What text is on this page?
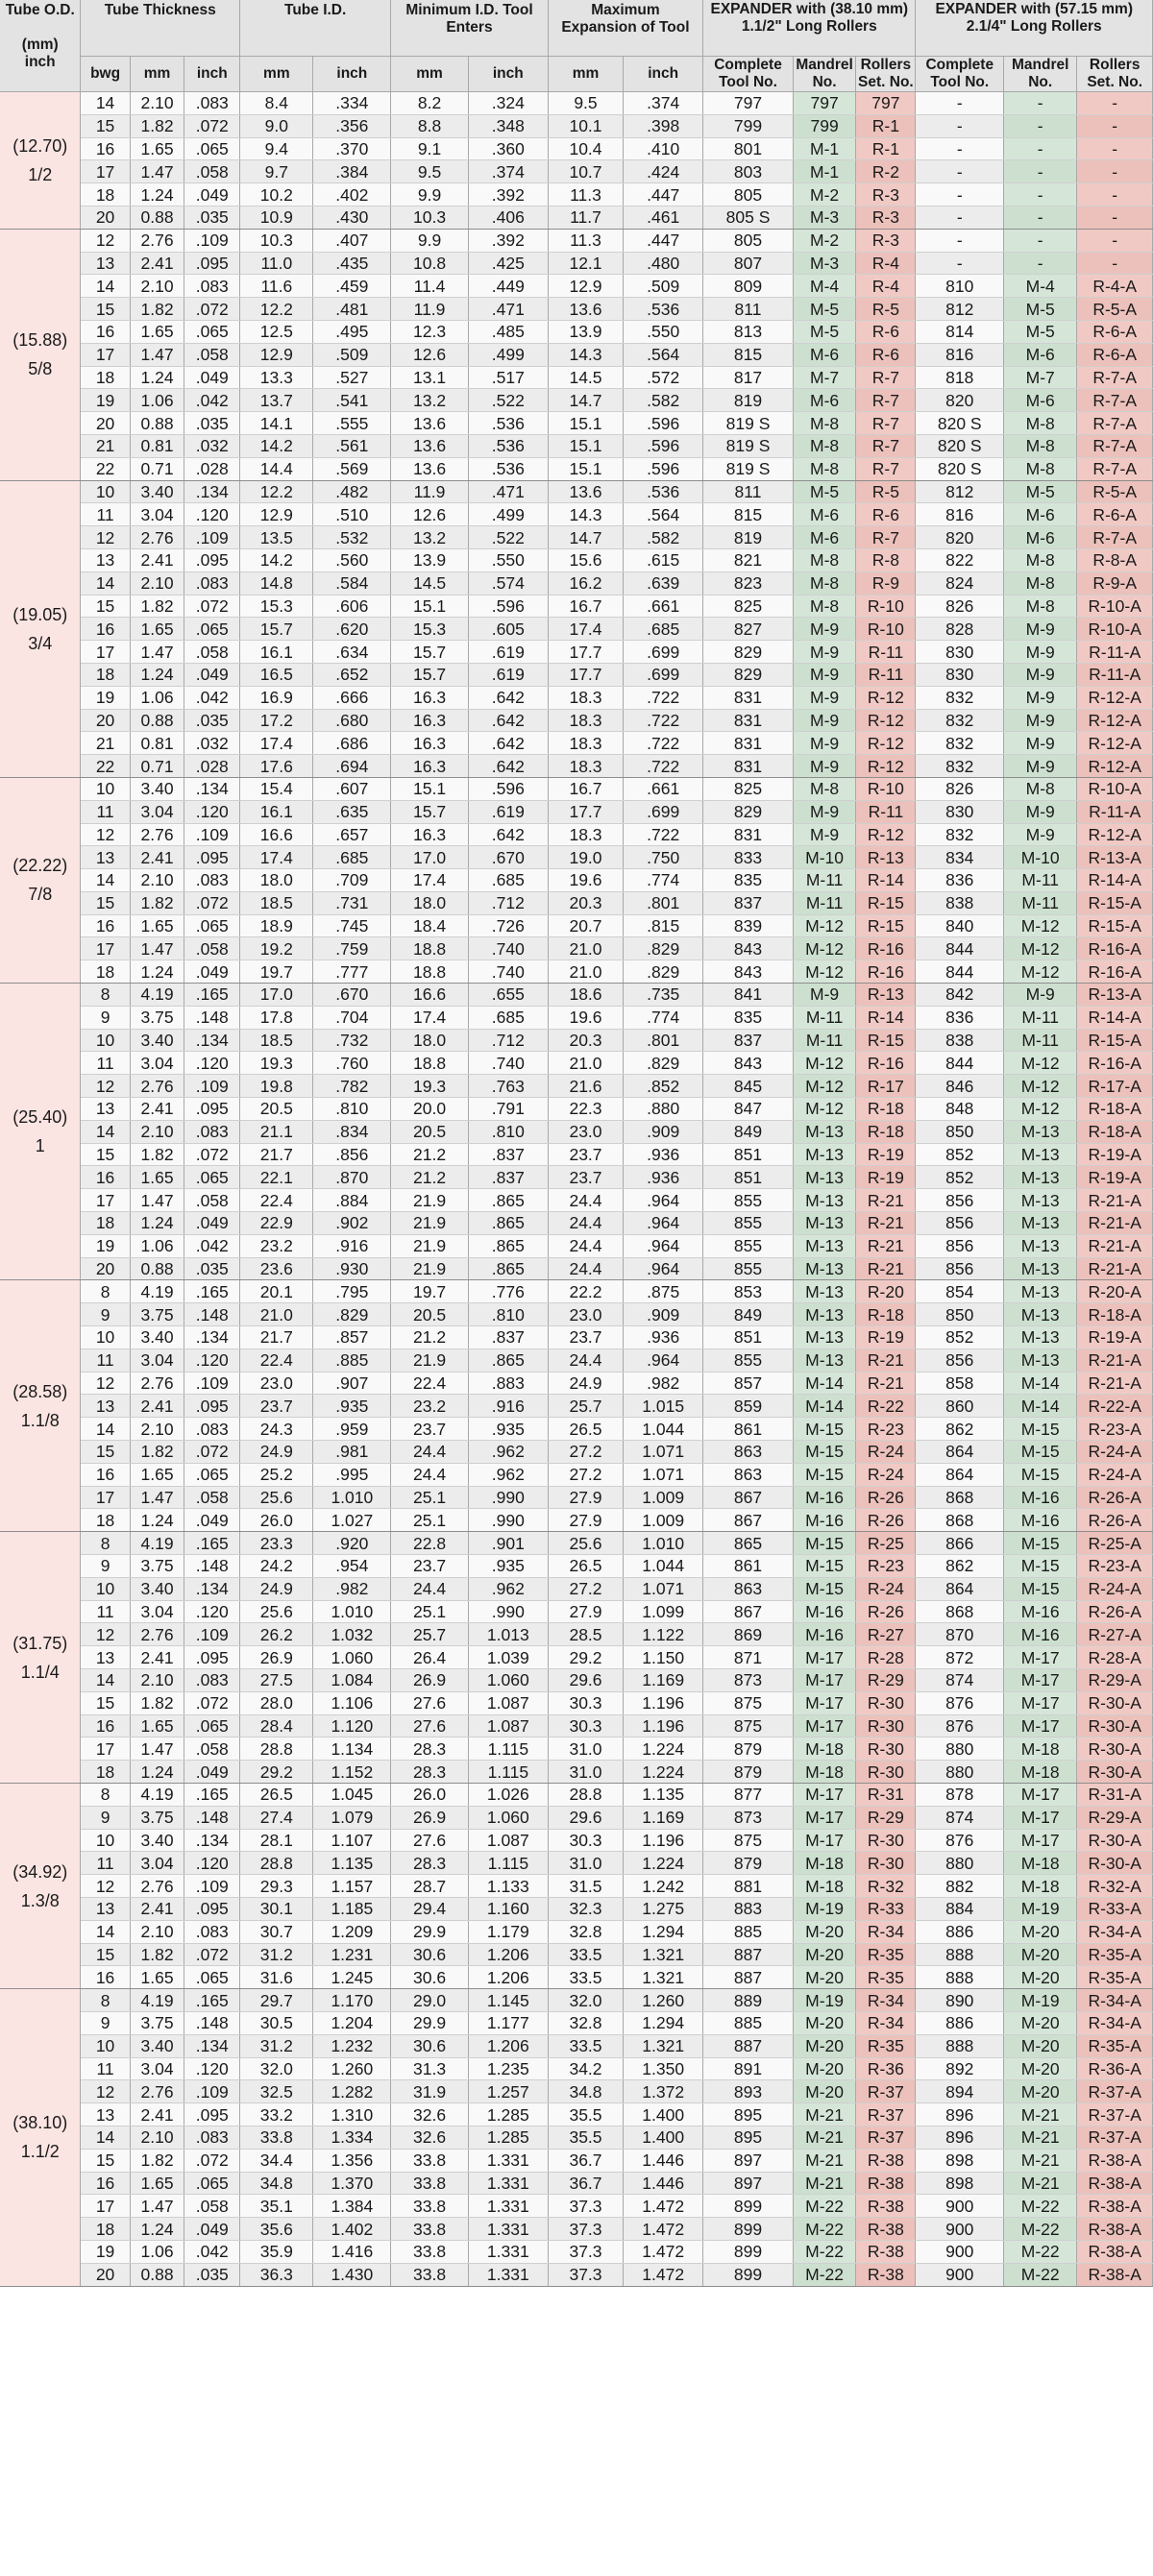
Tube O.D.

(mm)
inch	Tube Thickness			Tube I.D.		Minimum I.D. Tool Enters		Maximum Expansion of Tool		EXPANDER with (38.10 mm) 1.1/2" Long Rollers			EXPANDER with (57.15 mm) 2.1/4" Long Rollers		
	bwg	mm	inch	mm	inch	mm	inch	mm	inch	Complete Tool No.	Mandrel No.	Rollers Set. No.	Complete Tool No.	Mandrel No.	Rollers Set. No.

(12.70)
1/2	14	2.10	.083	8.4	.334	8.2	.324	9.5	.374	797	797	797	-	-	-
	15	1.82	.072	9.0	.356	8.8	.348	10.1	.398	799	799	R-1	-	-	-
	16	1.65	.065	9.4	.370	9.1	.360	10.4	.410	801	M-1	R-1	-	-	-
	17	1.47	.058	9.7	.384	9.5	.374	10.7	.424	803	M-1	R-2	-	-	-
	18	1.24	.049	10.2	.402	9.9	.392	11.3	.447	805	M-2	R-3	-	-	-
	20	0.88	.035	10.9	.430	10.3	.406	11.7	.461	805 S	M-3	R-3	-	-	-

(15.88)
5/8	12	2.76	.109	10.3	.407	9.9	.392	11.3	.447	805	M-2	R-3	-	-	-
	13	2.41	.095	11.0	.435	10.8	.425	12.1	.480	807	M-3	R-4	-	-	-
	14	2.10	.083	11.6	.459	11.4	.449	12.9	.509	809	M-4	R-4	810	M-4	R-4-A
	15	1.82	.072	12.2	.481	11.9	.471	13.6	.536	811	M-5	R-5	812	M-5	R-5-A
	16	1.65	.065	12.5	.495	12.3	.485	13.9	.550	813	M-5	R-6	814	M-5	R-6-A
	17	1.47	.058	12.9	.509	12.6	.499	14.3	.564	815	M-6	R-6	816	M-6	R-6-A
	18	1.24	.049	13.3	.527	13.1	.517	14.5	.572	817	M-7	R-7	818	M-7	R-7-A
	19	1.06	.042	13.7	.541	13.2	.522	14.7	.582	819	M-6	R-7	820	M-6	R-7-A
	20	0.88	.035	14.1	.555	13.6	.536	15.1	.596	819 S	M-8	R-7	820 S	M-8	R-7-A
	21	0.81	.032	14.2	.561	13.6	.536	15.1	.596	819 S	M-8	R-7	820 S	M-8	R-7-A
	22	0.71	.028	14.4	.569	13.6	.536	15.1	.596	819 S	M-8	R-7	820 S	M-8	R-7-A

(19.05)
3/4	10	3.40	.134	12.2	.482	11.9	.471	13.6	.536	811	M-5	R-5	812	M-5	R-5-A
	11	3.04	.120	12.9	.510	12.6	.499	14.3	.564	815	M-6	R-6	816	M-6	R-6-A
	12	2.76	.109	13.5	.532	13.2	.522	14.7	.582	819	M-6	R-7	820	M-6	R-7-A
	13	2.41	.095	14.2	.560	13.9	.550	15.6	.615	821	M-8	R-8	822	M-8	R-8-A
	14	2.10	.083	14.8	.584	14.5	.574	16.2	.639	823	M-8	R-9	824	M-8	R-9-A
	15	1.82	.072	15.3	.606	15.1	.596	16.7	.661	825	M-8	R-10	826	M-8	R-10-A
	16	1.65	.065	15.7	.620	15.3	.605	17.4	.685	827	M-9	R-10	828	M-9	R-10-A
	17	1.47	.058	16.1	.634	15.7	.619	17.7	.699	829	M-9	R-11	830	M-9	R-11-A
	18	1.24	.049	16.5	.652	15.7	.619	17.7	.699	829	M-9	R-11	830	M-9	R-11-A
	19	1.06	.042	16.9	.666	16.3	.642	18.3	.722	831	M-9	R-12	832	M-9	R-12-A
	20	0.88	.035	17.2	.680	16.3	.642	18.3	.722	831	M-9	R-12	832	M-9	R-12-A
	21	0.81	.032	17.4	.686	16.3	.642	18.3	.722	831	M-9	R-12	832	M-9	R-12-A
	22	0.71	.028	17.6	.694	16.3	.642	18.3	.722	831	M-9	R-12	832	M-9	R-12-A

(22.22)
7/8	10	3.40	.134	15.4	.607	15.1	.596	16.7	.661	825	M-8	R-10	826	M-8	R-10-A
	11	3.04	.120	16.1	.635	15.7	.619	17.7	.699	829	M-9	R-11	830	M-9	R-11-A
	12	2.76	.109	16.6	.657	16.3	.642	18.3	.722	831	M-9	R-12	832	M-9	R-12-A
	13	2.41	.095	17.4	.685	17.0	.670	19.0	.750	833	M-10	R-13	834	M-10	R-13-A
	14	2.10	.083	18.0	.709	17.4	.685	19.6	.774	835	M-11	R-14	836	M-11	R-14-A
	15	1.82	.072	18.5	.731	18.0	.712	20.3	.801	837	M-11	R-15	838	M-11	R-15-A
	16	1.65	.065	18.9	.745	18.4	.726	20.7	.815	839	M-12	R-15	840	M-12	R-15-A
	17	1.47	.058	19.2	.759	18.8	.740	21.0	.829	843	M-12	R-16	844	M-12	R-16-A
	18	1.24	.049	19.7	.777	18.8	.740	21.0	.829	843	M-12	R-16	844	M-12	R-16-A

(25.40)
1	8	4.19	.165	17.0	.670	16.6	.655	18.6	.735	841	M-9	R-13	842	M-9	R-13-A
	9	3.75	.148	17.8	.704	17.4	.685	19.6	.774	835	M-11	R-14	836	M-11	R-14-A
	10	3.40	.134	18.5	.732	18.0	.712	20.3	.801	837	M-11	R-15	838	M-11	R-15-A
	11	3.04	.120	19.3	.760	18.8	.740	21.0	.829	843	M-12	R-16	844	M-12	R-16-A
	12	2.76	.109	19.8	.782	19.3	.763	21.6	.852	845	M-12	R-17	846	M-12	R-17-A
	13	2.41	.095	20.5	.810	20.0	.791	22.3	.880	847	M-12	R-18	848	M-12	R-18-A
	14	2.10	.083	21.1	.834	20.5	.810	23.0	.909	849	M-13	R-18	850	M-13	R-18-A
	15	1.82	.072	21.7	.856	21.2	.837	23.7	.936	851	M-13	R-19	852	M-13	R-19-A
	16	1.65	.065	22.1	.870	21.2	.837	23.7	.936	851	M-13	R-19	852	M-13	R-19-A
	17	1.47	.058	22.4	.884	21.9	.865	24.4	.964	855	M-13	R-21	856	M-13	R-21-A
	18	1.24	.049	22.9	.902	21.9	.865	24.4	.964	855	M-13	R-21	856	M-13	R-21-A
	19	1.06	.042	23.2	.916	21.9	.865	24.4	.964	855	M-13	R-21	856	M-13	R-21-A
	20	0.88	.035	23.6	.930	21.9	.865	24.4	.964	855	M-13	R-21	856	M-13	R-21-A

(28.58)
1.1/8	8	4.19	.165	20.1	.795	19.7	.776	22.2	.875	853	M-13	R-20	854	M-13	R-20-A
	9	3.75	.148	21.0	.829	20.5	.810	23.0	.909	849	M-13	R-18	850	M-13	R-18-A
	10	3.40	.134	21.7	.857	21.2	.837	23.7	.936	851	M-13	R-19	852	M-13	R-19-A
	11	3.04	.120	22.4	.885	21.9	.865	24.4	.964	855	M-13	R-21	856	M-13	R-21-A
	12	2.76	.109	23.0	.907	22.4	.883	24.9	.982	857	M-14	R-21	858	M-14	R-21-A
	13	2.41	.095	23.7	.935	23.2	.916	25.7	1.015	859	M-14	R-22	860	M-14	R-22-A
	14	2.10	.083	24.3	.959	23.7	.935	26.5	1.044	861	M-15	R-23	862	M-15	R-23-A
	15	1.82	.072	24.9	.981	24.4	.962	27.2	1.071	863	M-15	R-24	864	M-15	R-24-A
	16	1.65	.065	25.2	.995	24.4	.962	27.2	1.071	863	M-15	R-24	864	M-15	R-24-A
	17	1.47	.058	25.6	1.010	25.1	.990	27.9	1.009	867	M-16	R-26	868	M-16	R-26-A
	18	1.24	.049	26.0	1.027	25.1	.990	27.9	1.009	867	M-16	R-26	868	M-16	R-26-A

(31.75)
1.1/4	8	4.19	.165	23.3	.920	22.8	.901	25.6	1.010	865	M-15	R-25	866	M-15	R-25-A
	9	3.75	.148	24.2	.954	23.7	.935	26.5	1.044	861	M-15	R-23	862	M-15	R-23-A
	10	3.40	.134	24.9	.982	24.4	.962	27.2	1.071	863	M-15	R-24	864	M-15	R-24-A
	11	3.04	.120	25.6	1.010	25.1	.990	27.9	1.099	867	M-16	R-26	868	M-16	R-26-A
	12	2.76	.109	26.2	1.032	25.7	1.013	28.5	1.122	869	M-16	R-27	870	M-16	R-27-A
	13	2.41	.095	26.9	1.060	26.4	1.039	29.2	1.150	871	M-17	R-28	872	M-17	R-28-A
	14	2.10	.083	27.5	1.084	26.9	1.060	29.6	1.169	873	M-17	R-29	874	M-17	R-29-A
	15	1.82	.072	28.0	1.106	27.6	1.087	30.3	1.196	875	M-17	R-30	876	M-17	R-30-A
	16	1.65	.065	28.4	1.120	27.6	1.087	30.3	1.196	875	M-17	R-30	876	M-17	R-30-A
	17	1.47	.058	28.8	1.134	28.3	1.115	31.0	1.224	879	M-18	R-30	880	M-18	R-30-A
	18	1.24	.049	29.2	1.152	28.3	1.115	31.0	1.224	879	M-18	R-30	880	M-18	R-30-A

(34.92)
1.3/8	8	4.19	.165	26.5	1.045	26.0	1.026	28.8	1.135	877	M-17	R-31	878	M-17	R-31-A
	9	3.75	.148	27.4	1.079	26.9	1.060	29.6	1.169	873	M-17	R-29	874	M-17	R-29-A
	10	3.40	.134	28.1	1.107	27.6	1.087	30.3	1.196	875	M-17	R-30	876	M-17	R-30-A
	11	3.04	.120	28.8	1.135	28.3	1.115	31.0	1.224	879	M-18	R-30	880	M-18	R-30-A
	12	2.76	.109	29.3	1.157	28.7	1.133	31.5	1.242	881	M-18	R-32	882	M-18	R-32-A
	13	2.41	.095	30.1	1.185	29.4	1.160	32.3	1.275	883	M-19	R-33	884	M-19	R-33-A
	14	2.10	.083	30.7	1.209	29.9	1.179	32.8	1.294	885	M-20	R-34	886	M-20	R-34-A
	15	1.82	.072	31.2	1.231	30.6	1.206	33.5	1.321	887	M-20	R-35	888	M-20	R-35-A
	16	1.65	.065	31.6	1.245	30.6	1.206	33.5	1.321	887	M-20	R-35	888	M-20	R-35-A

(38.10)
1.1/2	8	4.19	.165	29.7	1.170	29.0	1.145	32.0	1.260	889	M-19	R-34	890	M-19	R-34-A
	9	3.75	.148	30.5	1.204	29.9	1.177	32.8	1.294	885	M-20	R-34	886	M-20	R-34-A
	10	3.40	.134	31.2	1.232	30.6	1.206	33.5	1.321	887	M-20	R-35	888	M-20	R-35-A
	11	3.04	.120	32.0	1.260	31.3	1.235	34.2	1.350	891	M-20	R-36	892	M-20	R-36-A
	12	2.76	.109	32.5	1.282	31.9	1.257	34.8	1.372	893	M-20	R-37	894	M-20	R-37-A
	13	2.41	.095	33.2	1.310	32.6	1.285	35.5	1.400	895	M-21	R-37	896	M-21	R-37-A
	14	2.10	.083	33.8	1.334	32.6	1.285	35.5	1.400	895	M-21	R-37	896	M-21	R-37-A
	15	1.82	.072	34.4	1.356	33.8	1.331	36.7	1.446	897	M-21	R-38	898	M-21	R-38-A
	16	1.65	.065	34.8	1.370	33.8	1.331	36.7	1.446	897	M-21	R-38	898	M-21	R-38-A
	17	1.47	.058	35.1	1.384	33.8	1.331	37.3	1.472	899	M-22	R-38	900	M-22	R-38-A
	18	1.24	.049	35.6	1.402	33.8	1.331	37.3	1.472	899	M-22	R-38	900	M-22	R-38-A
	19	1.06	.042	35.9	1.416	33.8	1.331	37.3	1.472	899	M-22	R-38	900	M-22	R-38-A
	20	0.88	.035	36.3	1.430	33.8	1.331	37.3	1.472	899	M-22	R-38	900	M-22	R-38-A
